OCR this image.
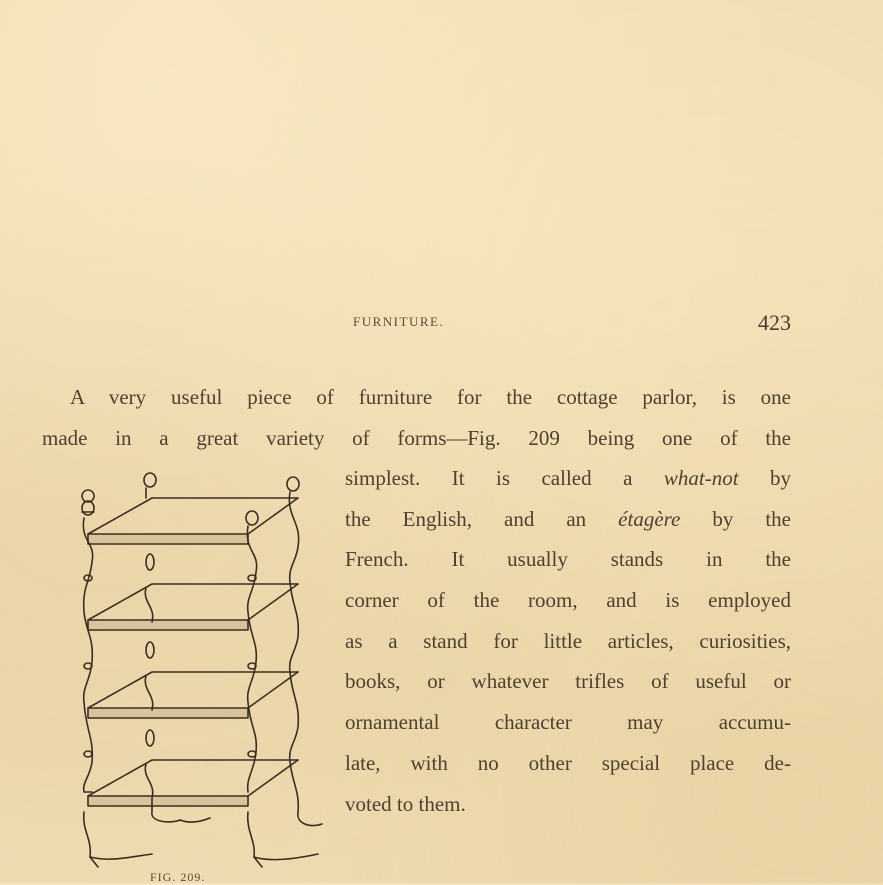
FURNITURE.	423
A very useful piece of furniture for the cottage parlor, is one
made in a great variety of forms—Fig. 209 being one of the
simplest. It is called a what-not by
the English, and an étagère by the
French. It usually stands in the
corner of the room, and is employed
as a stand for little articles, curiosities,
books, or whatever trifles of useful or
ornamental character may accumu-
late, with no other special place de-
voted to them.
FIG. 209.
